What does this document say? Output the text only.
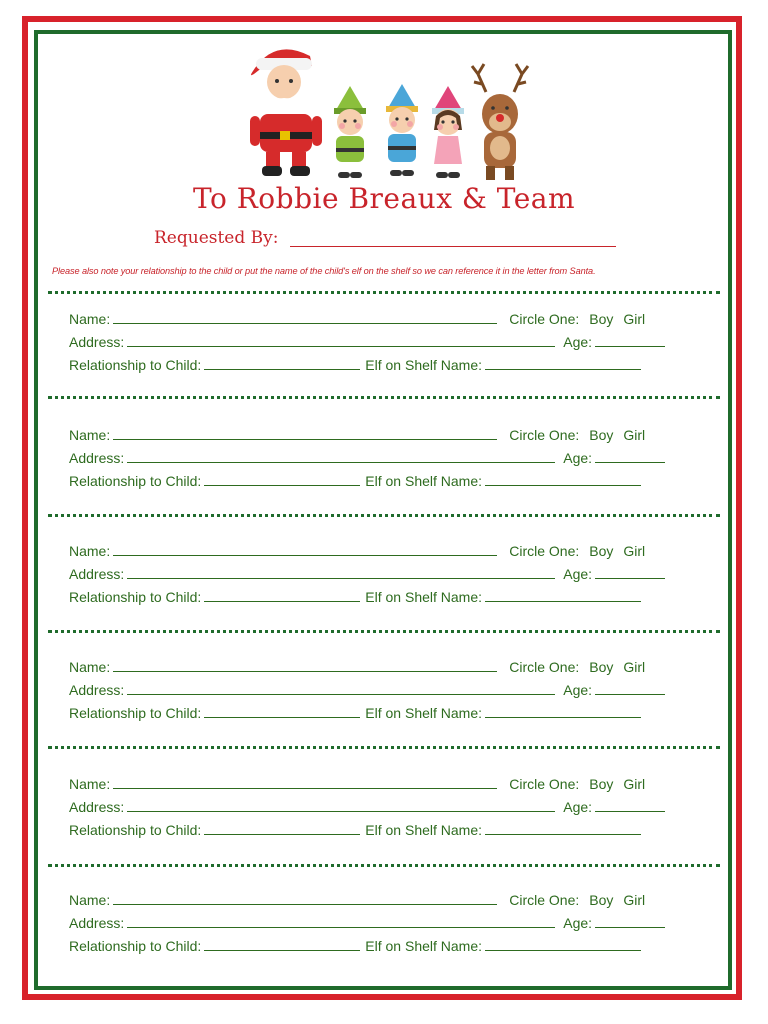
To Robbie Breaux & Team
Requested By:
Please also note your relationship to the child or put the name of the child's elf on the shelf so we can reference it in the letter from Santa.
Name:	Circle One: Boy Girl
Address:	Age:
Relationship to Child:	Elf on Shelf Name:
Name:	Circle One: Boy Girl
Address:	Age:
Relationship to Child:	Elf on Shelf Name:
Name:	Circle One: Boy Girl
Address:	Age:
Relationship to Child:	Elf on Shelf Name:
Name:	Circle One: Boy Girl
Address:	Age:
Relationship to Child:	Elf on Shelf Name:
Name:	Circle One: Boy Girl
Address:	Age:
Relationship to Child:	Elf on Shelf Name:
Name:	Circle One: Boy Girl
Address:	Age:
Relationship to Child:	Elf on Shelf Name:
